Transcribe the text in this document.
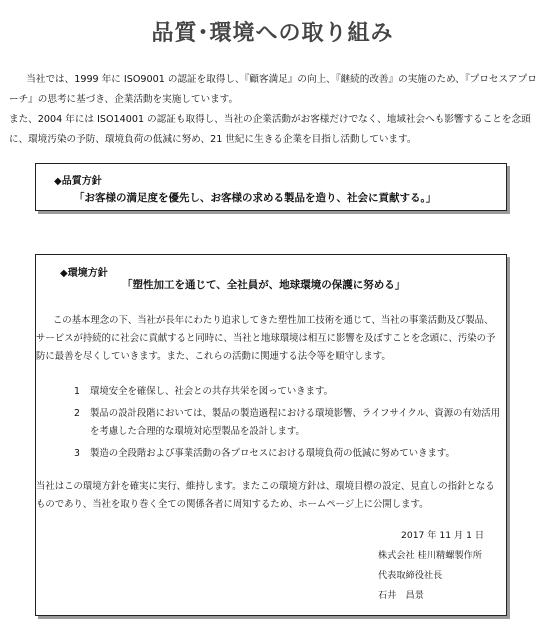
品質･環境への取り組み

当社では、1999 年に ISO9001 の認証を取得し、『顧客満足』の向上、『継続的改善』の実施のため、『プロセスアプローチ』の思考に基づき、企業活動を実施しています。

また、2004 年には ISO14001 の認証も取得し、当社の企業活動がお客様だけでなく、地域社会へも影響することを念頭に、環境汚染の予防、環境負荷の低減に努め、21 世紀に生きる企業を目指し活動しています。

◆品質方針
「お客様の満足度を優先し、お客様の求める製品を造り、社会に貢献する。」
◆環境方針
「塑性加工を通じて、全社員が、地球環境の保護に努める」

この基本理念の下、当社が長年にわたり追求してきた塑性加工技術を通じて、当社の事業活動及び製品、サービスが持続的に社会に貢献すると同時に、当社と地球環境は相互に影響を及ぼすことを念頭に、汚染の予防に最善を尽くしていきます。また、これらの活動に関連する法令等を順守します。

1 環境安全を確保し、社会との共存共栄を図っていきます。
2 製品の設計段階においては、製品の製造過程における環境影響、ライフサイクル、資源の有効活用を考慮した合理的な環境対応型製品を設計します。
3 製造の全段階および事業活動の各プロセスにおける環境負荷の低減に努めていきます。

当社はこの環境方針を確実に実行、維持します。またこの環境方針は、環境目標の設定、見直しの指針となるものであり、当社を取り巻く全ての関係各者に周知するため、ホームページ上に公開します。

2017 年 11 月 1 日
株式会社 桂川精螺製作所
代表取締役社長
石井　昌景
